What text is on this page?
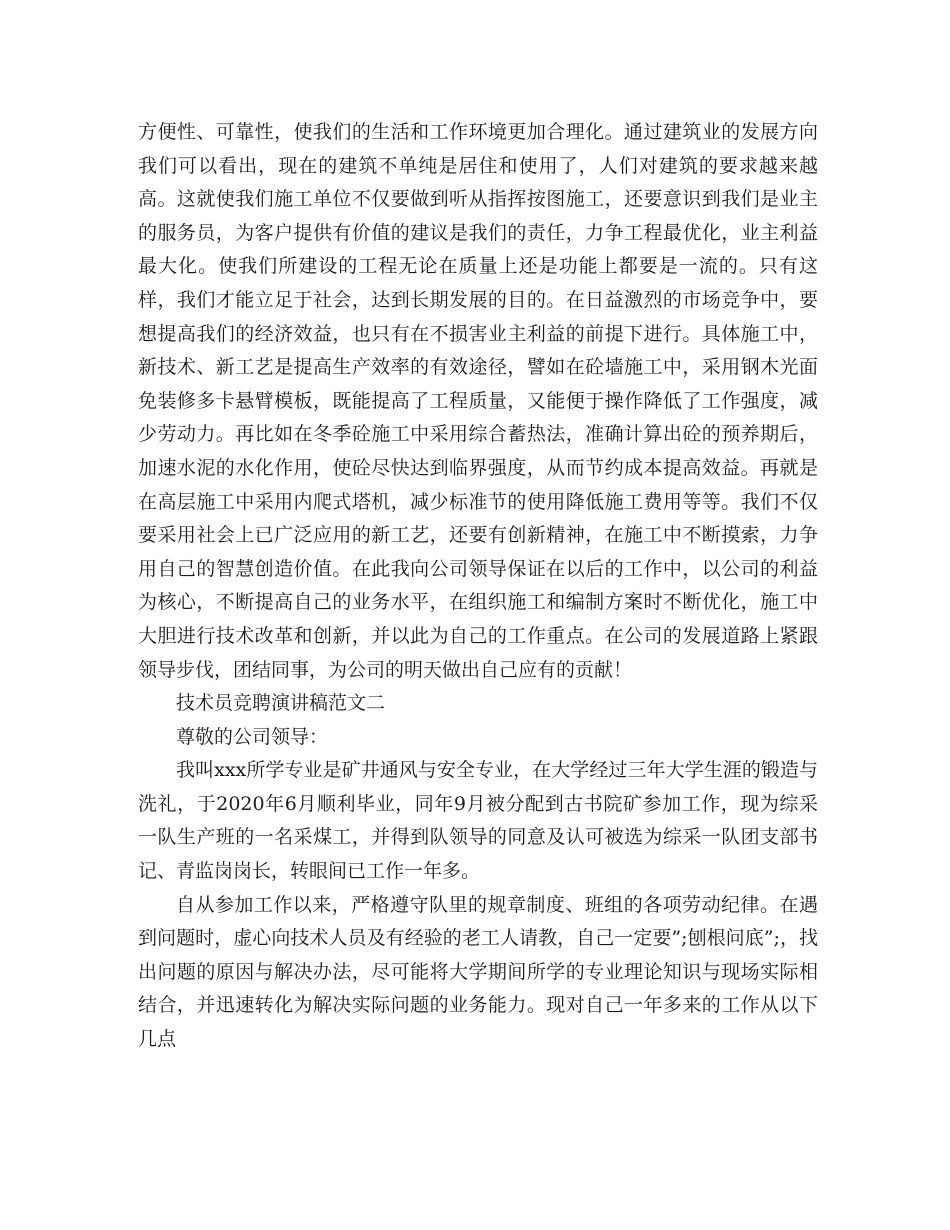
方便性、可靠性，使我们的生活和工作环境更加合理化。通过建筑业的发展方向我们可以看出，现在的建筑不单纯是居住和使用了，人们对建筑的要求越来越高。这就使我们施工单位不仅要做到听从指挥按图施工，还要意识到我们是业主的服务员，为客户提供有价值的建议是我们的责任，力争工程最优化，业主利益最大化。使我们所建设的工程无论在质量上还是功能上都要是一流的。只有这样，我们才能立足于社会，达到长期发展的目的。在日益激烈的市场竞争中，要想提高我们的经济效益，也只有在不损害业主利益的前提下进行。具体施工中，新技术、新工艺是提高生产效率的有效途径，譬如在砼墙施工中，采用钢木光面免装修多卡悬臂模板，既能提高了工程质量，又能便于操作降低了工作强度，减少劳动力。再比如在冬季砼施工中采用综合蓄热法，准确计算出砼的预养期后，加速水泥的水化作用，使砼尽快达到临界强度，从而节约成本提高效益。再就是在高层施工中采用内爬式塔机，减少标准节的使用降低施工费用等等。我们不仅要采用社会上已广泛应用的新工艺，还要有创新精神，在施工中不断摸索，力争用自己的智慧创造价值。在此我向公司领导保证在以后的工作中，以公司的利益为核心，不断提高自己的业务水平，在组织施工和编制方案时不断优化，施工中大胆进行技术改革和创新，并以此为自己的工作重点。在公司的发展道路上紧跟领导步伐，团结同事，为公司的明天做出自己应有的贡献！

技术员竞聘演讲稿范文二

尊敬的公司领导：

我叫xxx所学专业是矿井通风与安全专业，在大学经过三年大学生涯的锻造与洗礼，于2020年6月顺利毕业，同年9月被分配到古书院矿参加工作，现为综采一队生产班的一名采煤工，并得到队领导的同意及认可被选为综采一队团支部书记、青监岗岗长，转眼间已工作一年多。

自从参加工作以来，严格遵守队里的规章制度、班组的各项劳动纪律。在遇到问题时，虚心向技术人员及有经验的老工人请教，自己一定要”;刨根问底”;，找出问题的原因与解决办法，尽可能将大学期间所学的专业理论知识与现场实际相结合，并迅速转化为解决实际问题的业务能力。现对自己一年多来的工作从以下几点
